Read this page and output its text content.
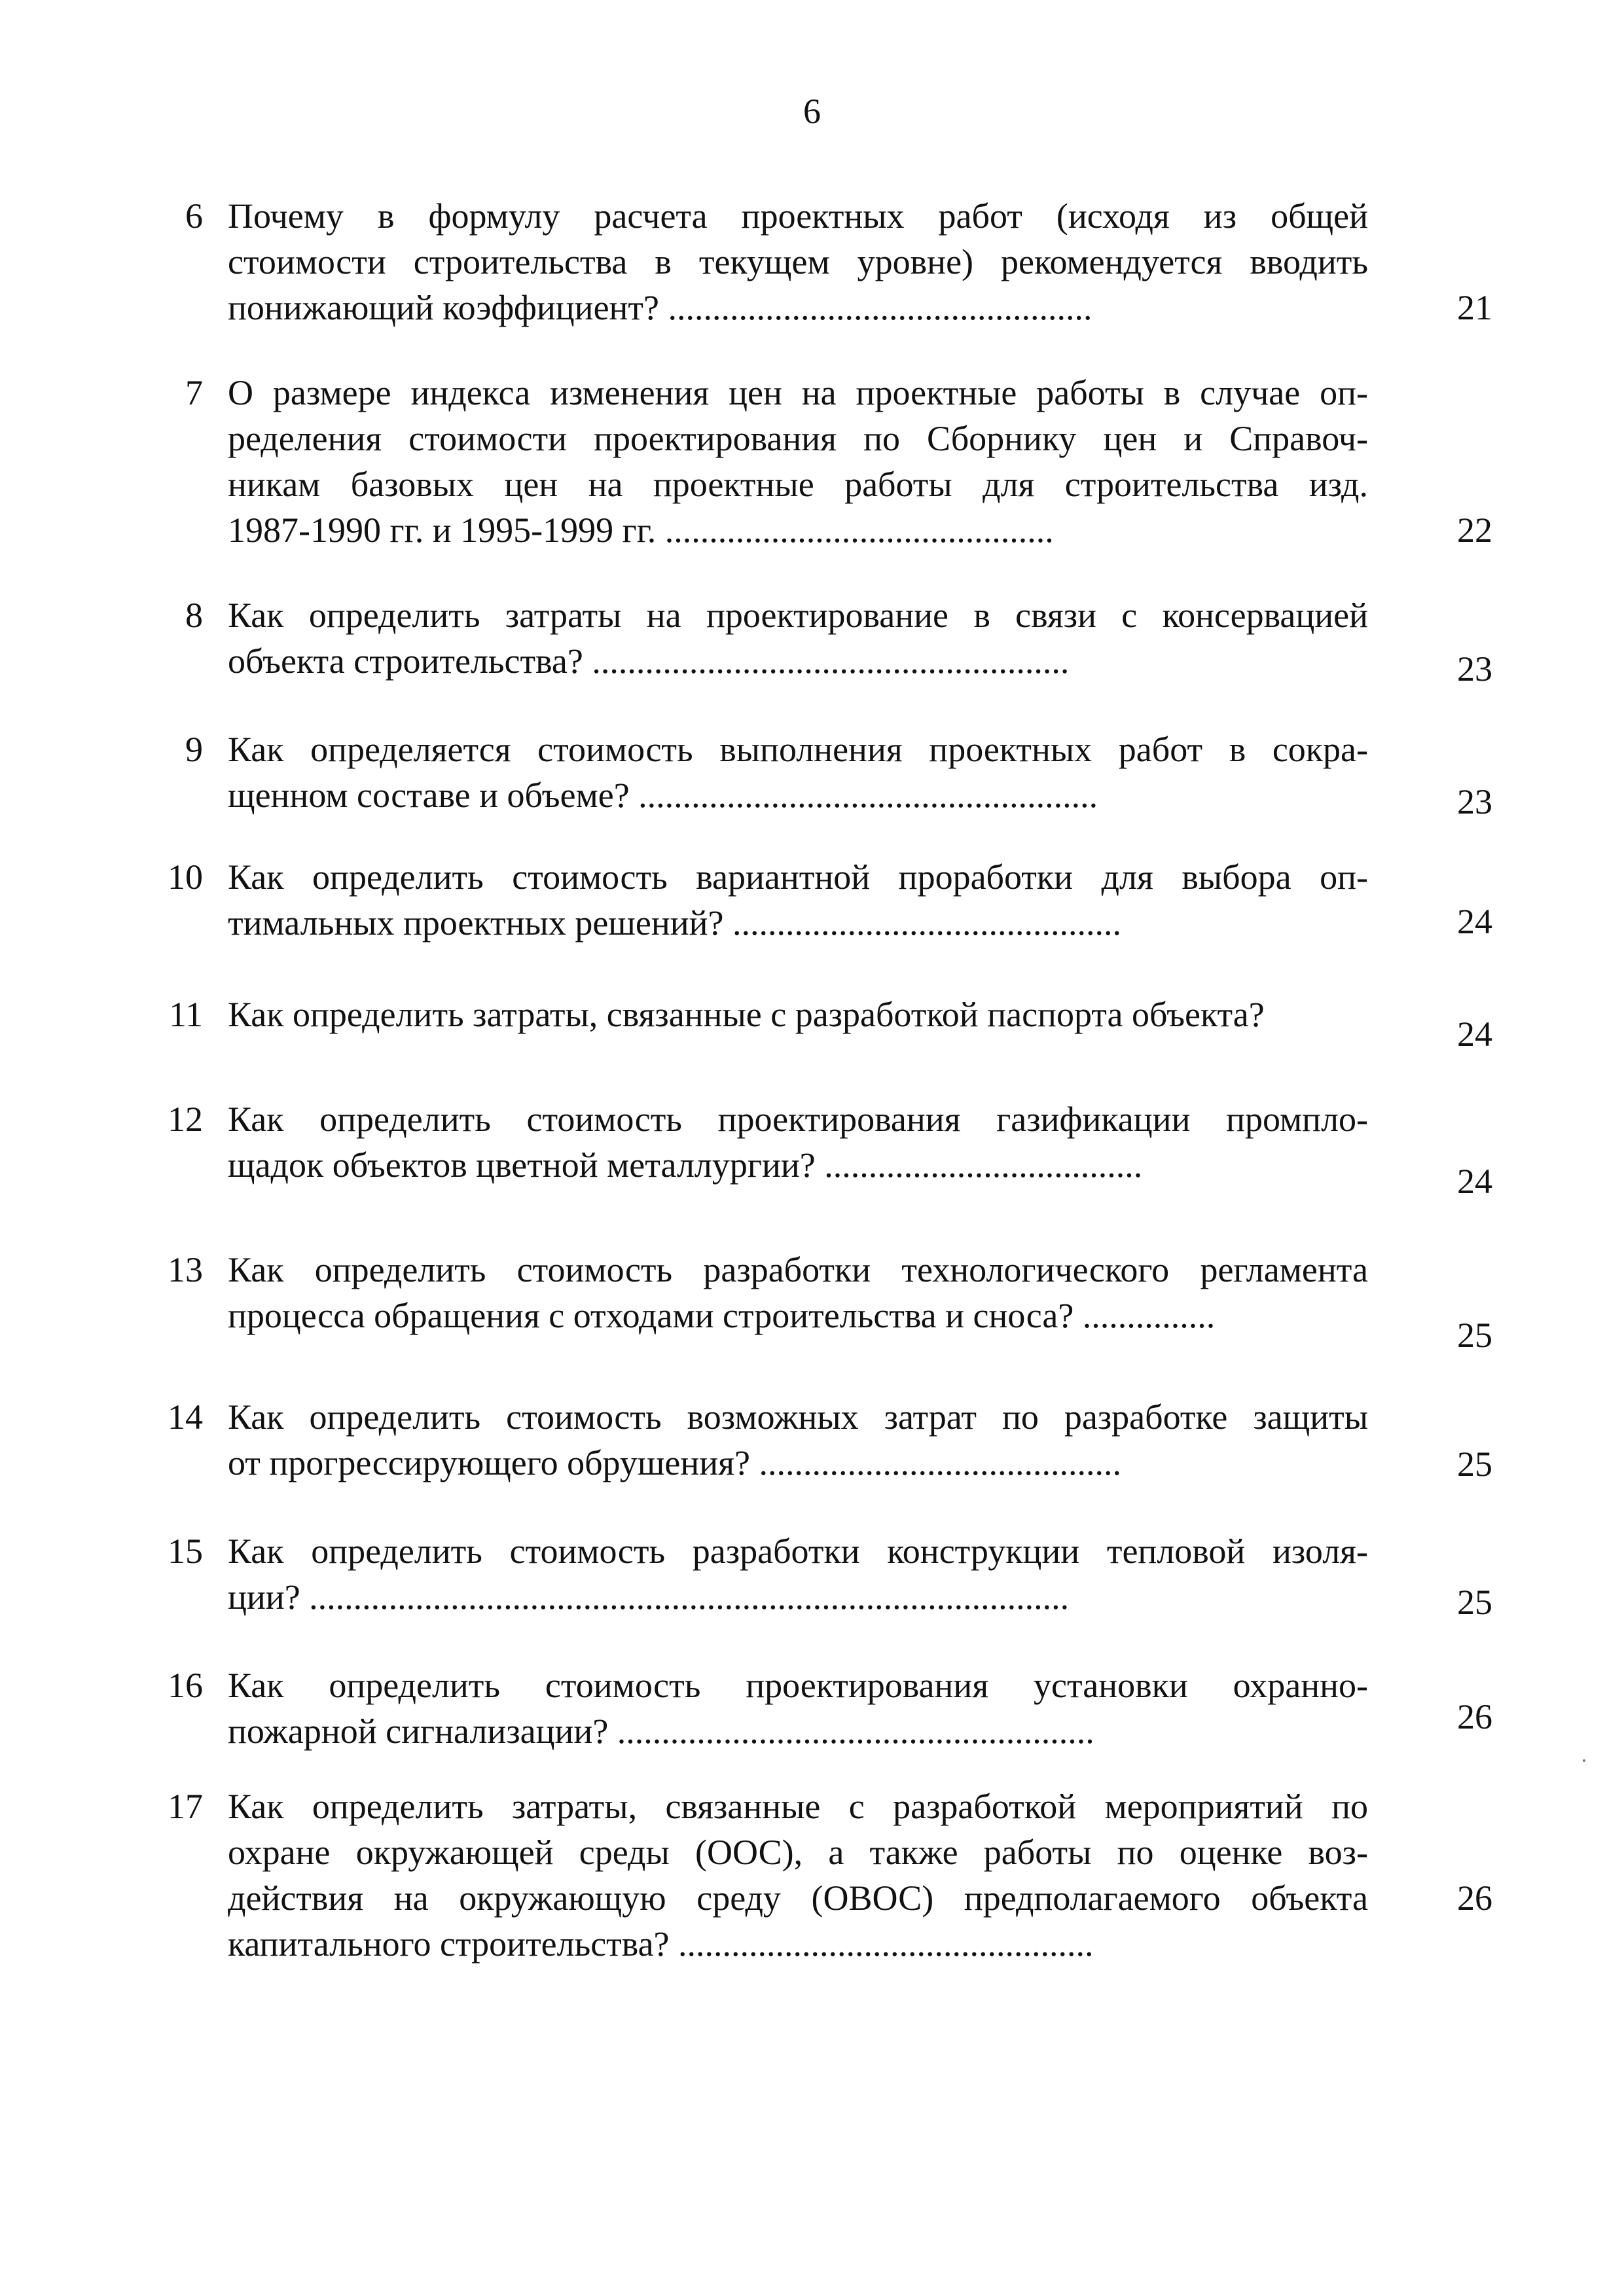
6
6 Почему в формулу расчета проектных работ (исходя из общей
стоимости строительства в текущем уровне) рекомендуется вводить
понижающий коэффициент? ................................................	21
7 О размере индекса изменения цен на проектные работы в случае оп-
ределения стоимости проектирования по Сборнику цен и Справоч-
никам базовых цен на проектные работы для строительства изд.
1987-1990 гг. и 1995-1999 гг. ............................................	22
8 Как определить затраты на проектирование в связи с консервацией
объекта строительства? ......................................................	23
9 Как определяется стоимость выполнения проектных работ в сокра-
щенном составе и объеме? ....................................................	23
10 Как определить стоимость вариантной проработки для выбора оп-
тимальных проектных решений? ............................................	24
11 Как определить затраты, связанные с разработкой паспорта объекта?	24
12 Как определить стоимость проектирования газификации промпло-
щадок объектов цветной металлургии? ....................................	24
13 Как определить стоимость разработки технологического регламента
процесса обращения с отходами строительства и сноса? ...............	25
14 Как определить стоимость возможных затрат по разработке защиты
от прогрессирующего обрушения? .........................................	25
15 Как определить стоимость разработки конструкции тепловой изоля-
ции? ......................................................................................	25
16 Как определить стоимость проектирования установки охранно-
пожарной сигнализации? ......................................................	26
17 Как определить затраты, связанные с разработкой мероприятий по
охране окружающей среды (ООС), а также работы по оценке воз-
действия на окружающую среду (ОВОС) предполагаемого объекта
капитального строительства? ...............................................
26
